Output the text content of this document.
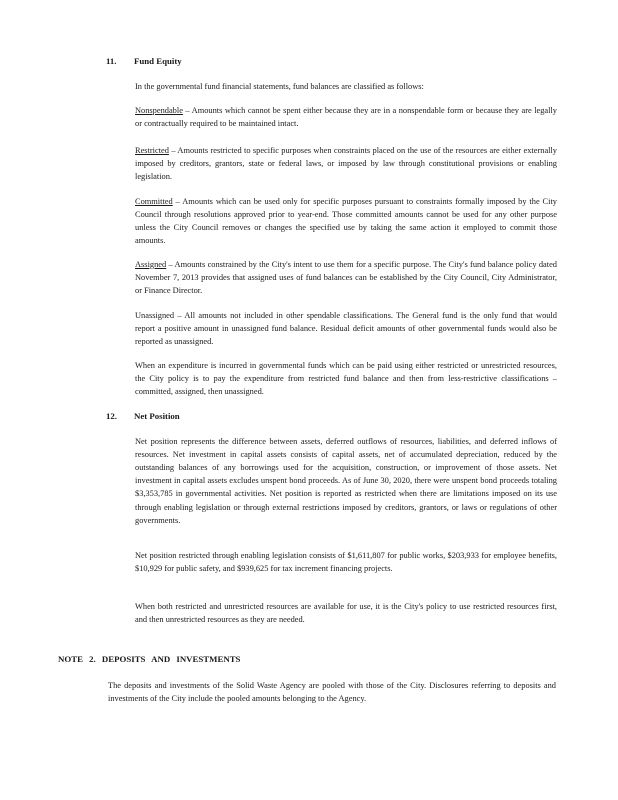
11. Fund Equity
In the governmental fund financial statements, fund balances are classified as follows:
Nonspendable – Amounts which cannot be spent either because they are in a nonspendable form or because they are legally or contractually required to be maintained intact.
Restricted – Amounts restricted to specific purposes when constraints placed on the use of the resources are either externally imposed by creditors, grantors, state or federal laws, or imposed by law through constitutional provisions or enabling legislation.
Committed – Amounts which can be used only for specific purposes pursuant to constraints formally imposed by the City Council through resolutions approved prior to year-end. Those committed amounts cannot be used for any other purpose unless the City Council removes or changes the specified use by taking the same action it employed to commit those amounts.
Assigned – Amounts constrained by the City's intent to use them for a specific purpose. The City's fund balance policy dated November 7, 2013 provides that assigned uses of fund balances can be established by the City Council, City Administrator, or Finance Director.
Unassigned – All amounts not included in other spendable classifications. The General fund is the only fund that would report a positive amount in unassigned fund balance. Residual deficit amounts of other governmental funds would also be reported as unassigned.
When an expenditure is incurred in governmental funds which can be paid using either restricted or unrestricted resources, the City policy is to pay the expenditure from restricted fund balance and then from less-restrictive classifications – committed, assigned, then unassigned.
12. Net Position
Net position represents the difference between assets, deferred outflows of resources, liabilities, and deferred inflows of resources. Net investment in capital assets consists of capital assets, net of accumulated depreciation, reduced by the outstanding balances of any borrowings used for the acquisition, construction, or improvement of those assets. Net investment in capital assets excludes unspent bond proceeds. As of June 30, 2020, there were unspent bond proceeds totaling $3,353,785 in governmental activities. Net position is reported as restricted when there are limitations imposed on its use through enabling legislation or through external restrictions imposed by creditors, grantors, or laws or regulations of other governments.
Net position restricted through enabling legislation consists of $1,611,807 for public works, $203,933 for employee benefits, $10,929 for public safety, and $939,625 for tax increment financing projects.
When both restricted and unrestricted resources are available for use, it is the City's policy to use restricted resources first, and then unrestricted resources as they are needed.
NOTE 2. DEPOSITS AND INVESTMENTS
The deposits and investments of the Solid Waste Agency are pooled with those of the City. Disclosures referring to deposits and investments of the City include the pooled amounts belonging to the Agency.
